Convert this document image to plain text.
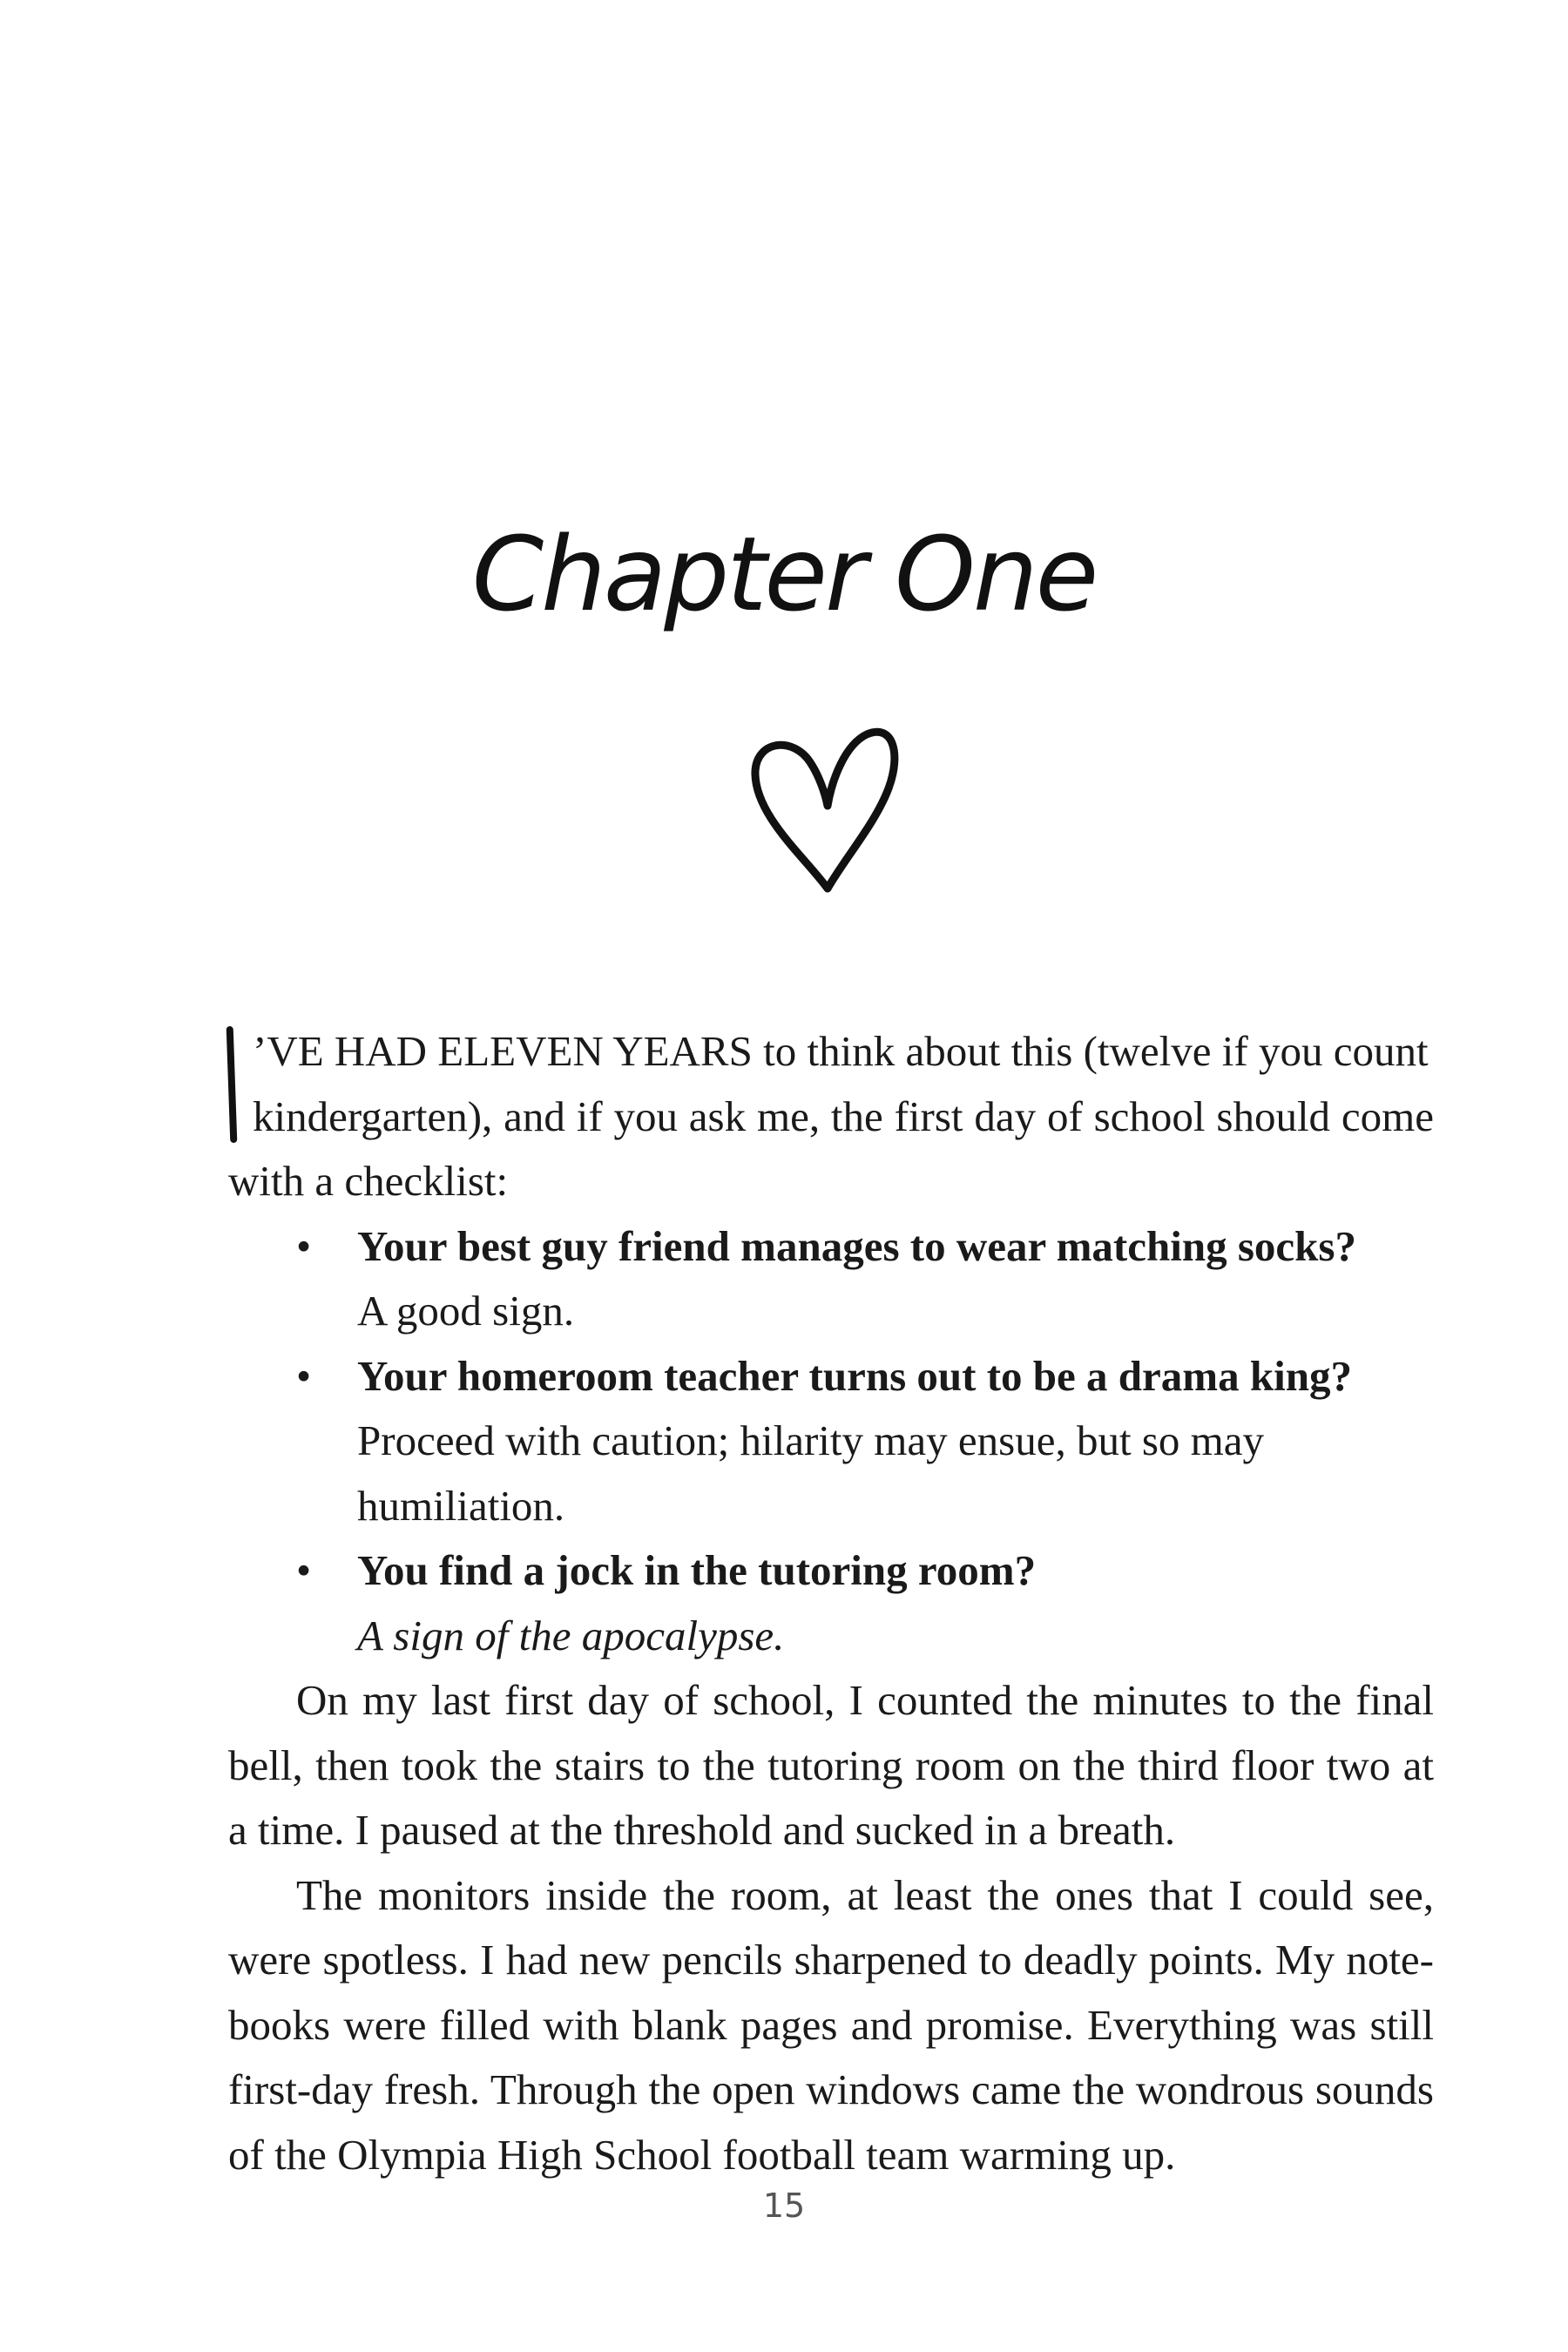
Chapter One

’VE HAD ELEVEN YEARS to think about this (twelve if you count
kindergarten), and if you ask me, the first day of school should come with a checklist:

• Your best guy friend manages to wear matching socks?
A good sign.
• Your homeroom teacher turns out to be a drama king?
Proceed with caution; hilarity may ensue, but so may humiliation.
• You find a jock in the tutoring room?
A sign of the apocalypse.

On my last first day of school, I counted the minutes to the final bell, then took the stairs to the tutoring room on the third floor two at a time. I paused at the threshold and sucked in a breath.

The monitors inside the room, at least the ones that I could see, were spotless. I had new pencils sharpened to deadly points. My note-books were filled with blank pages and promise. Everything was still first-day fresh. Through the open windows came the wondrous sounds of the Olympia High School football team warming up.

15
